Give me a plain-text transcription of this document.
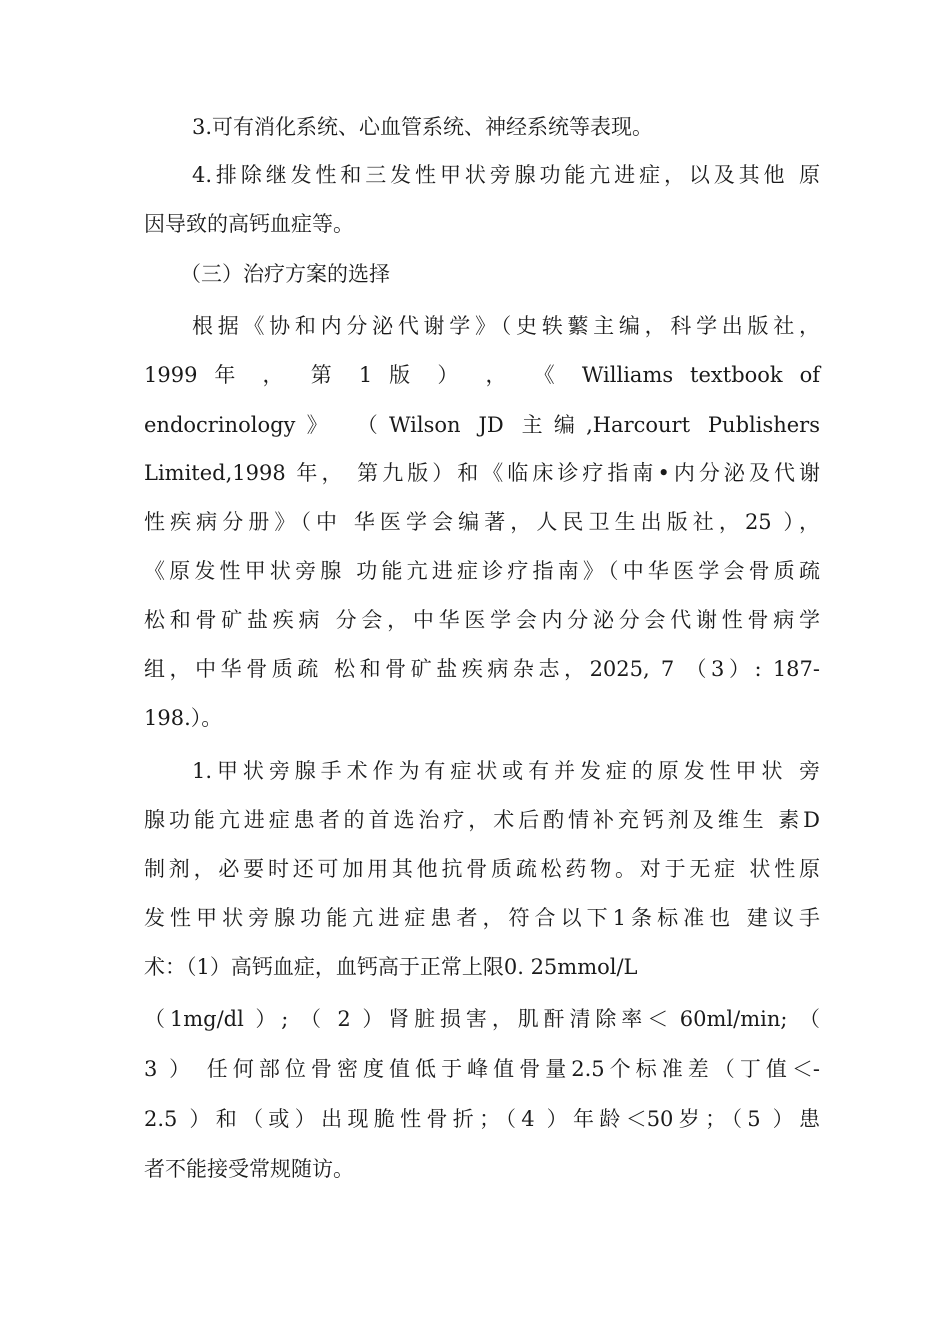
3.可有消化系统、心血管系统、神经系统等表现。

4.排除继发性和三发性甲状旁腺功能亢进症，以及其他 原

因导致的高钙血症等。

（三）治疗方案的选择

根据《协和内分泌代谢学》（史轶蘩主编，科学出版社，

1999 年 ， 第 1 版 ） ， 《 Williams textbook of

endocrinology》 （Wilson JD 主编,Harcourt Publishers

Limited,1998 年， 第九版）和《临床诊疗指南•内分泌及代谢

性疾病分册》（中 华医学会编著，人民卫生出版社，25 ），

《原发性甲状旁腺 功能亢进症诊疗指南》（中华医学会骨质疏

松和骨矿盐疾病 分会，中华医学会内分泌分会代谢性骨病学

组，中华骨质疏 松和骨矿盐疾病杂志，2025, 7 （3）: 187-

198.）。

1.甲状旁腺手术作为有症状或有并发症的原发性甲状 旁

腺功能亢进症患者的首选治疗，术后酌情补充钙剂及维生 素D

制剂，必要时还可加用其他抗骨质疏松药物。对于无症 状性原

发性甲状旁腺功能亢进症患者，符合以下1条标准也 建议手

术：（1）高钙血症，血钙高于正常上限0. 25mmol/L

（1mg/dl ）; （ 2 ）肾脏损害，肌酐清除率＜ 60ml/min; （

3 ） 任何部位骨密度值低于峰值骨量2.5个标准差（丁值＜-

2.5 ）和（或）出现脆性骨折；（4 ）年龄＜50岁；（5 ）患

者不能接受常规随访。
